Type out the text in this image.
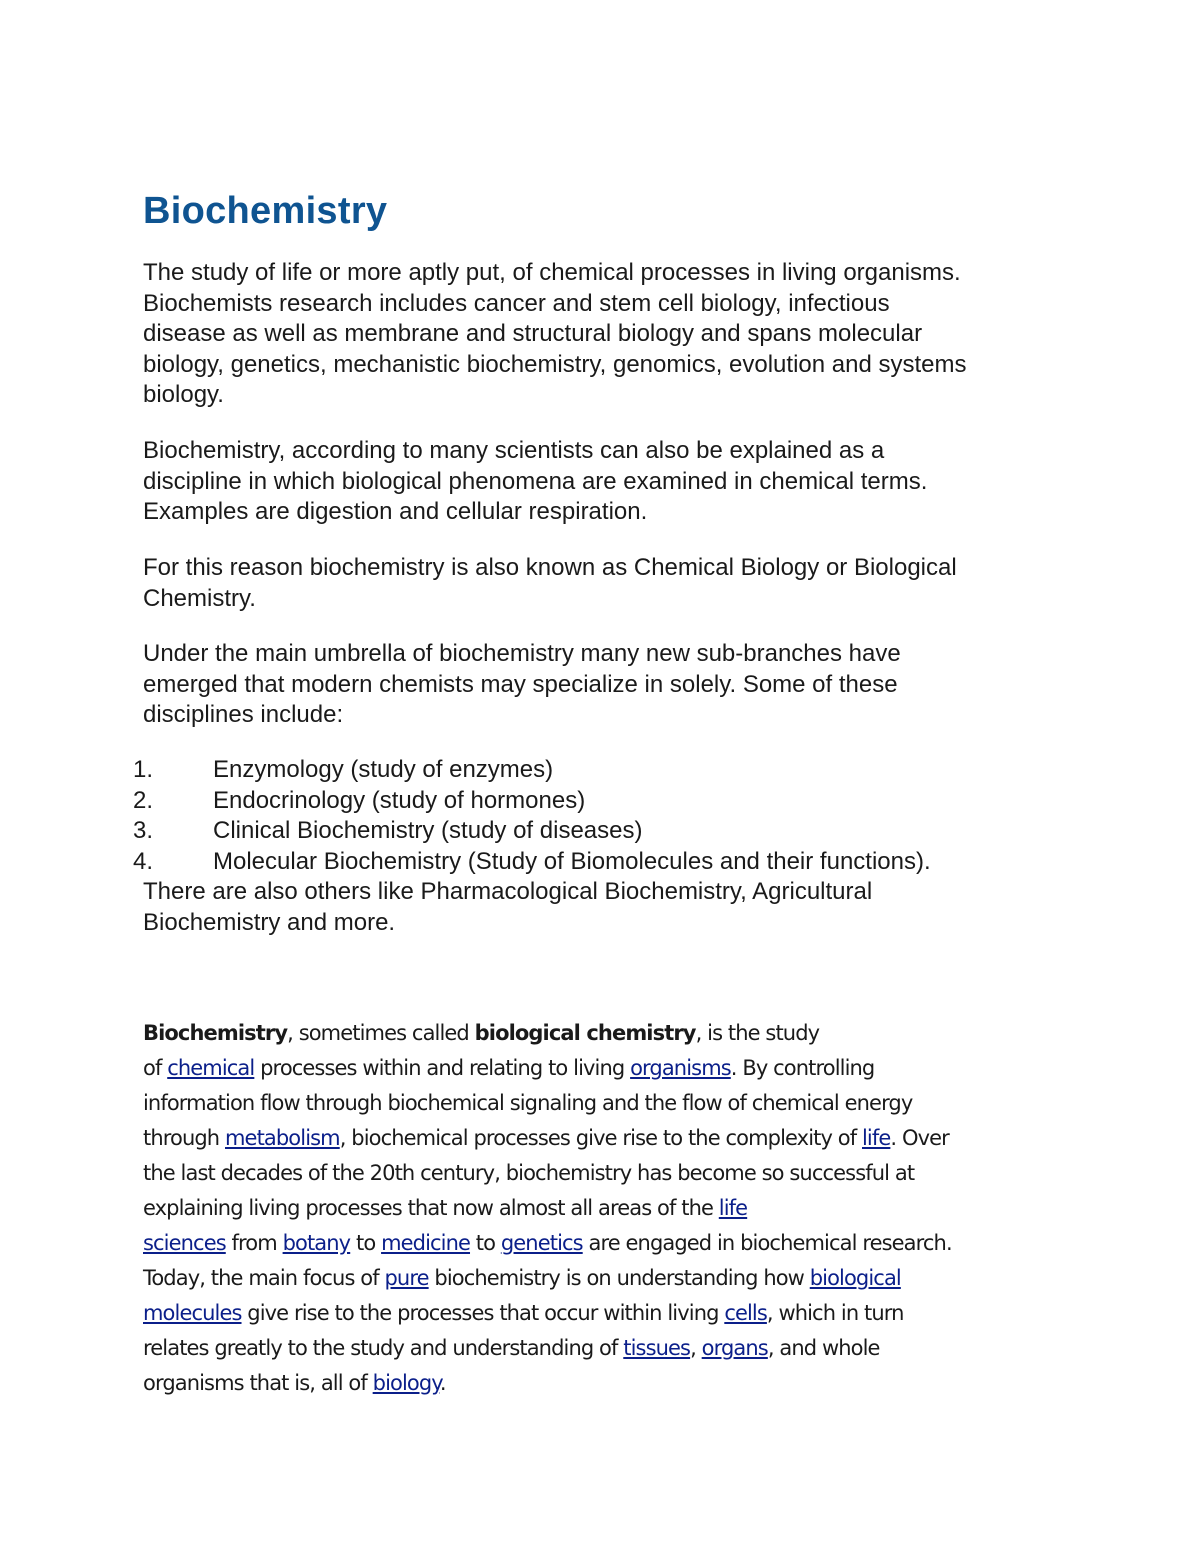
Biochemistry

The study of life or more aptly put, of chemical processes in living organisms.
Biochemists research includes cancer and stem cell biology, infectious
disease as well as membrane and structural biology and spans molecular
biology, genetics, mechanistic biochemistry, genomics, evolution and systems
biology.

Biochemistry, according to many scientists can also be explained as a
discipline in which biological phenomena are examined in chemical terms.
Examples are digestion and cellular respiration.

For this reason biochemistry is also known as Chemical Biology or Biological
Chemistry.

Under the main umbrella of biochemistry many new sub-branches have
emerged that modern chemists may specialize in solely. Some of these
disciplines include:

1. Enzymology (study of enzymes)
2. Endocrinology (study of hormones)
3. Clinical Biochemistry (study of diseases)
4. Molecular Biochemistry (Study of Biomolecules and their functions).

There are also others like Pharmacological Biochemistry, Agricultural
Biochemistry and more.

Biochemistry, sometimes called biological chemistry, is the study
of chemical processes within and relating to living organisms. By controlling
information flow through biochemical signaling and the flow of chemical energy
through metabolism, biochemical processes give rise to the complexity of life. Over
the last decades of the 20th century, biochemistry has become so successful at
explaining living processes that now almost all areas of the life
sciences from botany to medicine to genetics are engaged in biochemical research.
Today, the main focus of pure biochemistry is on understanding how biological
molecules give rise to the processes that occur within living cells, which in turn
relates greatly to the study and understanding of tissues, organs, and whole
organisms that is, all of biology.
